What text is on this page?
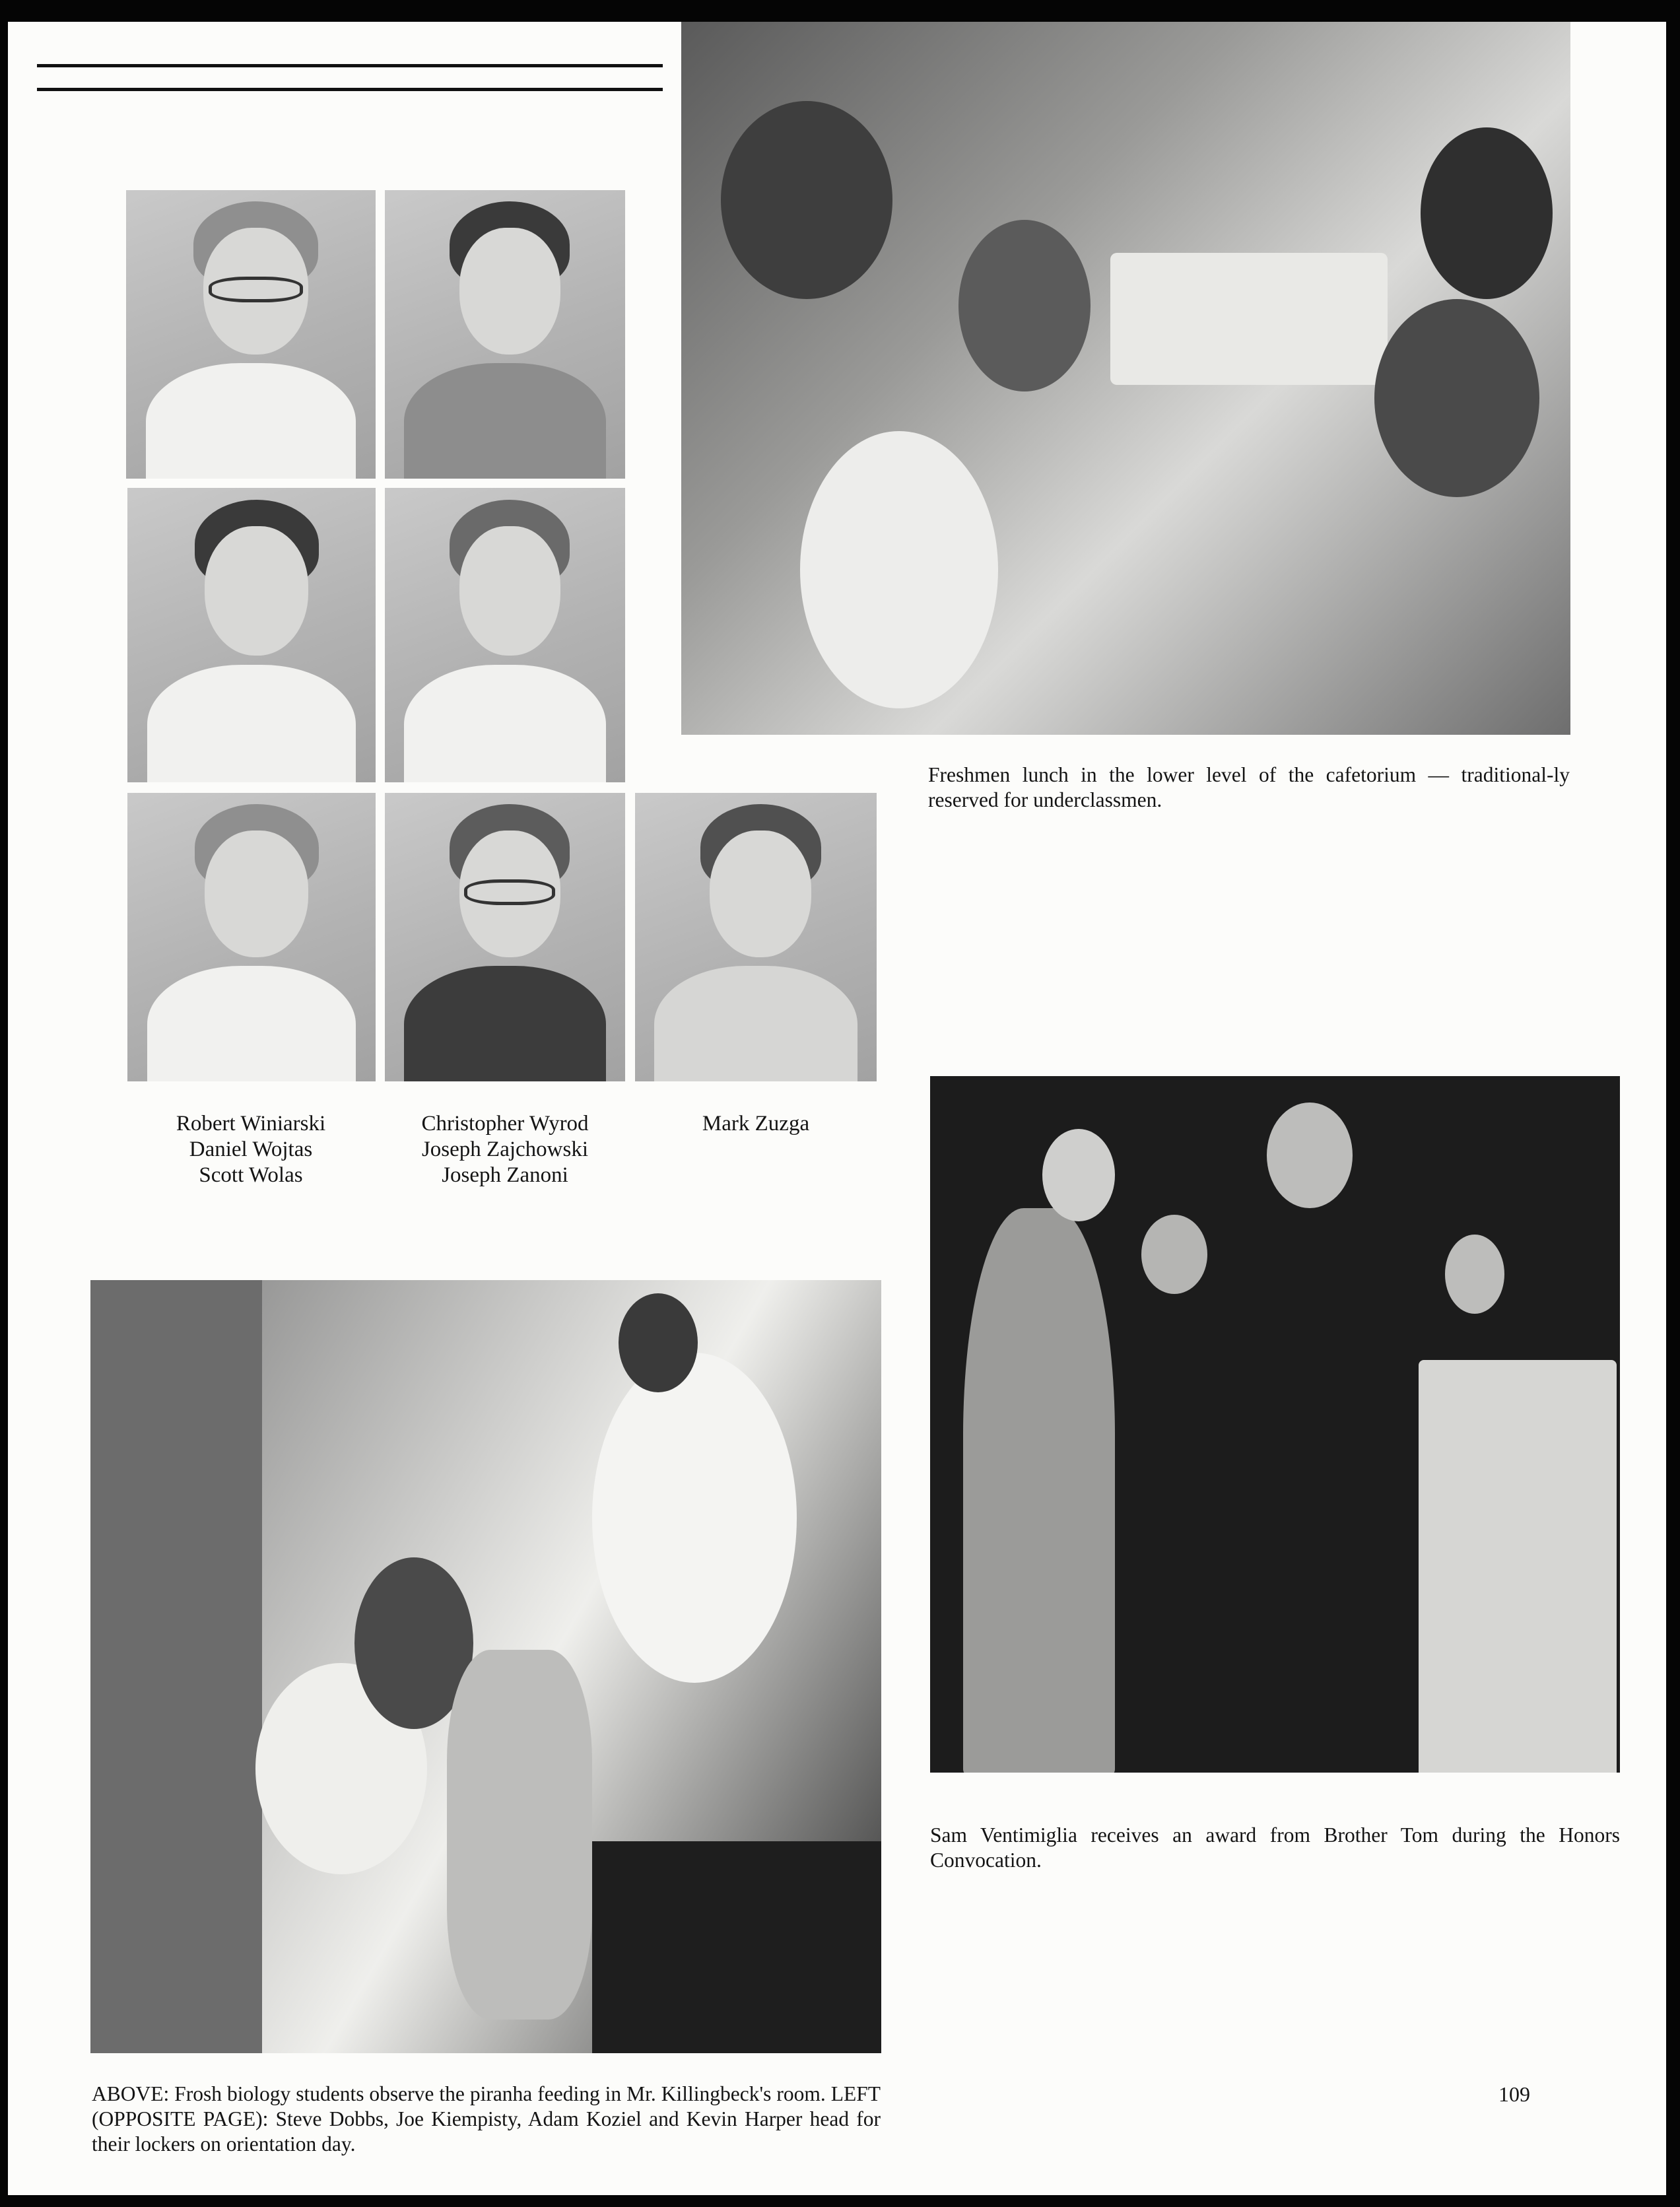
Robert Winiarski
Daniel Wojtas
Scott Wolas
Christopher Wyrod
Joseph Zajchowski
Joseph Zanoni
Mark Zuzga
Freshmen lunch in the lower level of the cafetorium — traditional-ly reserved for underclassmen.
Sam Ventimiglia receives an award from Brother Tom during the Honors Convocation.
ABOVE: Frosh biology students observe the piranha feeding in Mr. Killingbeck's room. LEFT (OPPOSITE PAGE): Steve Dobbs, Joe Kiempisty, Adam Koziel and Kevin Harper head for their lockers on orientation day.
109
